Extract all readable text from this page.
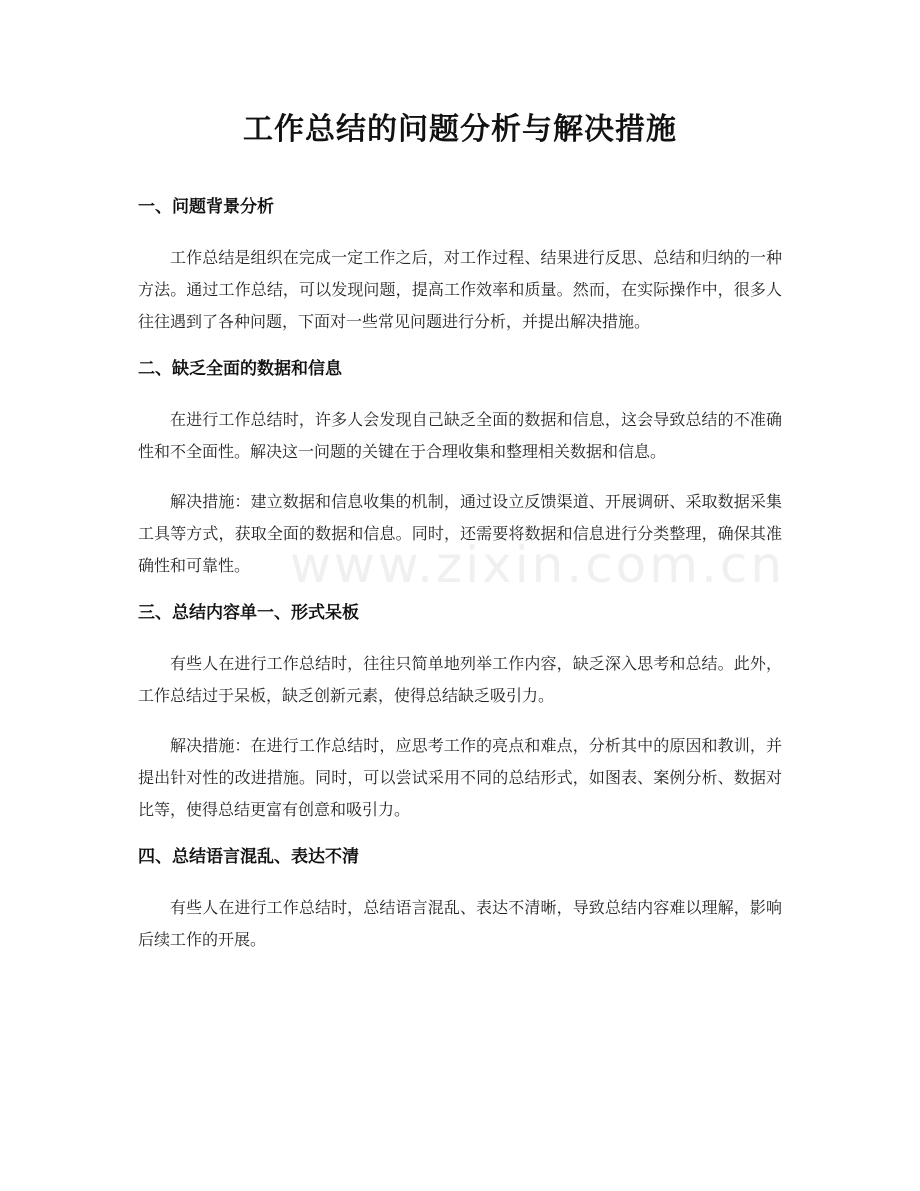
www.zixin.com.cn
工作总结的问题分析与解决措施
一、问题背景分析

工作总结是组织在完成一定工作之后，对工作过程、结果进行反思、总结和归纳的一种方法。通过工作总结，可以发现问题，提高工作效率和质量。然而，在实际操作中，很多人往往遇到了各种问题，下面对一些常见问题进行分析，并提出解决措施。

二、缺乏全面的数据和信息

在进行工作总结时，许多人会发现自己缺乏全面的数据和信息，这会导致总结的不准确性和不全面性。解决这一问题的关键在于合理收集和整理相关数据和信息。

解决措施：建立数据和信息收集的机制，通过设立反馈渠道、开展调研、采取数据采集工具等方式，获取全面的数据和信息。同时，还需要将数据和信息进行分类整理，确保其准确性和可靠性。

三、总结内容单一、形式呆板

有些人在进行工作总结时，往往只简单地列举工作内容，缺乏深入思考和总结。此外，工作总结过于呆板，缺乏创新元素，使得总结缺乏吸引力。

解决措施：在进行工作总结时，应思考工作的亮点和难点，分析其中的原因和教训，并提出针对性的改进措施。同时，可以尝试采用不同的总结形式，如图表、案例分析、数据对比等，使得总结更富有创意和吸引力。

四、总结语言混乱、表达不清

有些人在进行工作总结时，总结语言混乱、表达不清晰，导致总结内容难以理解，影响后续工作的开展。
